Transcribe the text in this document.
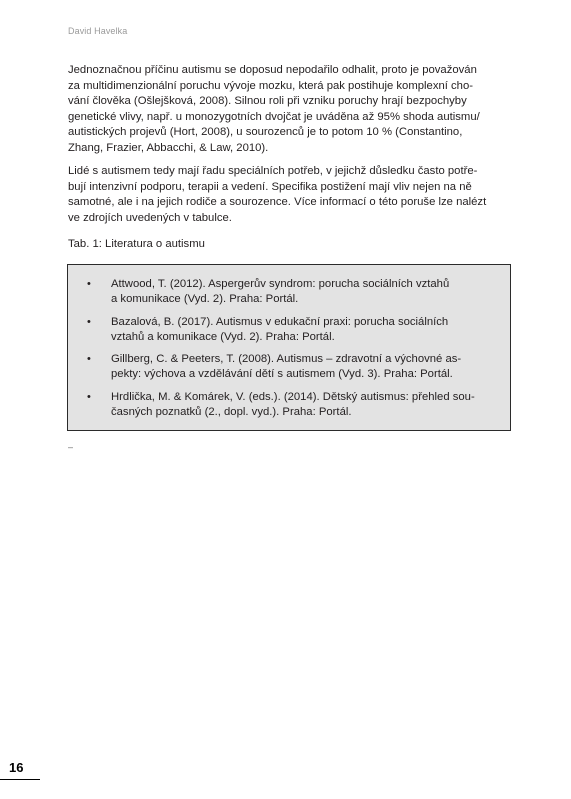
David Havelka

Jednoznačnou příčinu autismu se doposud nepodařilo odhalit, proto je považován
za multidimenzionální poruchu vývoje mozku, která pak postihuje komplexní cho-
vání člověka (Ošlejšková, 2008). Silnou roli při vzniku poruchy hrají bezpochyby
genetické vlivy, např. u monozygotních dvojčat je uváděna až 95% shoda autismu/
autistických projevů (Hort, 2008), u sourozenců je to potom 10 % (Constantino,
Zhang, Frazier, Abbacchi, & Law, 2010).

Lidé s autismem tedy mají řadu speciálních potřeb, v jejichž důsledku často potře-
bují intenzivní podporu, terapii a vedení. Specifika postižení mají vliv nejen na ně
samotné, ale i na jejich rodiče a sourozence. Více informací o této poruše lze nalézt
ve zdrojích uvedených v tabulce.

Tab. 1: Literatura o autismu

• Attwood, T. (2012). Aspergerův syndrom: porucha sociálních vztahů
a komunikace (Vyd. 2). Praha: Portál.
• Bazalová, B. (2017). Autismus v edukační praxi: porucha sociálních
vztahů a komunikace (Vyd. 2). Praha: Portál.
• Gillberg, C. & Peeters, T. (2008). Autismus – zdravotní a výchovné as-
pekty: výchova a vzdělávání dětí s autismem (Vyd. 3). Praha: Portál.
• Hrdlička, M. & Komárek, V. (eds.). (2014). Dětský autismus: přehled sou-
časných poznatků (2., dopl. vyd.). Praha: Portál.
–
16
